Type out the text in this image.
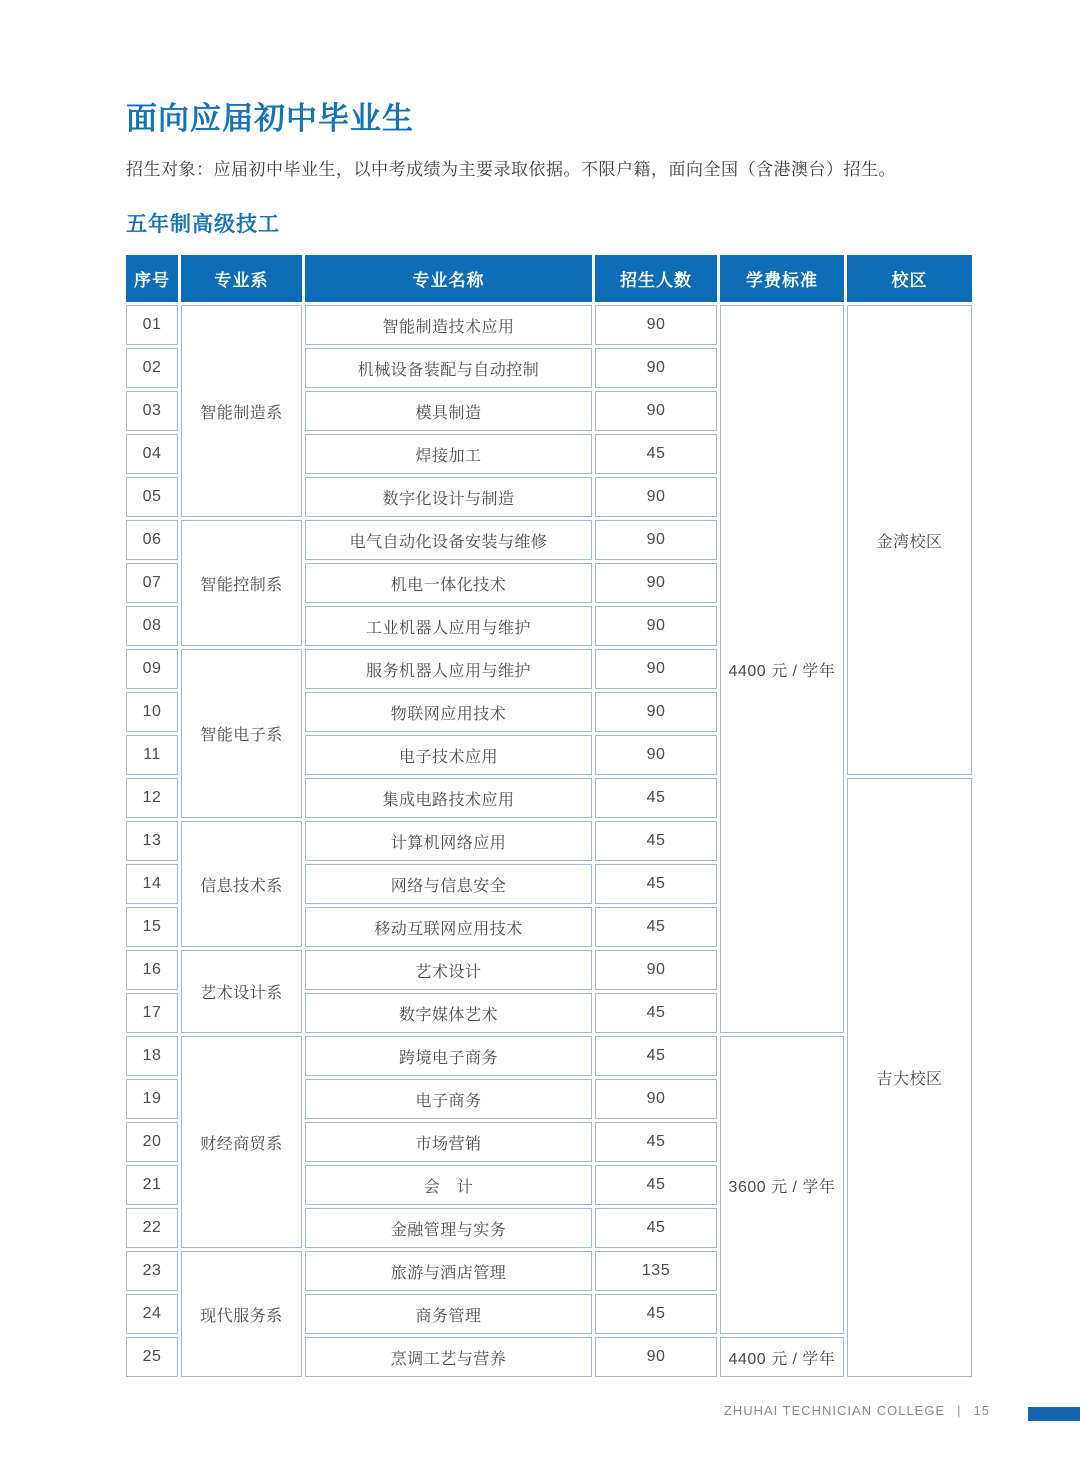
面向应届初中毕业生

招生对象：应届初中毕业生，以中考成绩为主要录取依据。不限户籍，面向全国（含港澳台）招生。

五年制高级技工
序号	专业系	专业名称	招生人数	学费标准	校区
01	智能制造系	智能制造技术应用	90	4400 元 / 学年	金湾校区
02		机械设备装配与自动控制	90		
03		模具制造	90		
04		焊接加工	45		
05		数字化设计与制造	90		
06	智能控制系	电气自动化设备安装与维修	90		
07		机电一体化技术	90		
08		工业机器人应用与维护	90		
09	智能电子系	服务机器人应用与维护	90		
10		物联网应用技术	90		
11		电子技术应用	90		
12		集成电路技术应用	45		吉大校区
13	信息技术系	计算机网络应用	45		
14		网络与信息安全	45		
15		移动互联网应用技术	45		
16	艺术设计系	艺术设计	90		
17		数字媒体艺术	45		
18	财经商贸系	跨境电子商务	45	3600 元 / 学年	
19		电子商务	90		
20		市场营销	45		
21		会　计	45		
22		金融管理与实务	45		
23	现代服务系	旅游与酒店管理	135		
24		商务管理	45		
25		烹调工艺与营养	90	4400 元 / 学年	
ZHUHAI TECHNICIAN COLLEGE | 15
